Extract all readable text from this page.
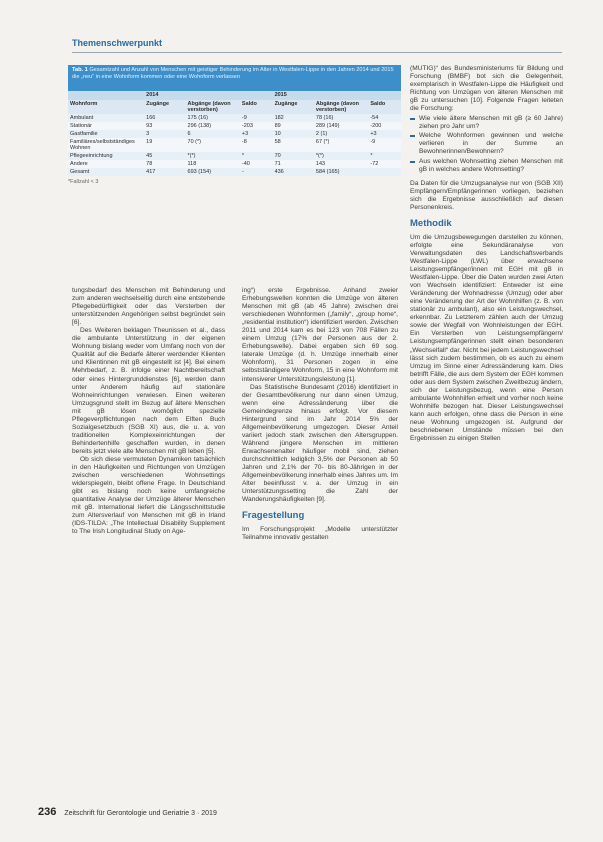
Themenschwerpunkt
Tab. 1 Gesamtzahl und Anzahl von Menschen mit geistiger Behinderung im Alter in Westfalen-Lippe in den Jahren 2014 und 2015 die „neu“ in eine Wohnform kommen oder eine Wohnform verlassen
	2014			2015		
Wohnform	Zugänge	Abgänge (davon verstorben)	Saldo	Zugänge	Abgänge (davon verstorben)	Saldo
Ambulant	166	175 (16)	-9	182	78 (16)	-54
Stationär	93	296 (138)	-203	89	289 (149)	-200
Gastfamilie	3	6	+3	10	2 (1)	+3
Familiäres/selbstständiges Wohnen	19	70 (*)	-8	58	67 (*)	-9
Pflegeeinrichtung	45	*(*)	*	70	*(*)	*
Andere	78	118	-40	71	143	-72
Gesamt	417	693 (154)	-	436	584 (165)	
*Fallzahl < 3

tungsbedarf des Menschen mit Behinderung und zum anderen wechselseitig durch eine entstehende Pflegebedürftigkeit oder das Versterben der unterstützenden Angehörigen selbst begründet sein [6].

Des Weiteren beklagen Theunissen et al., dass die ambulante Unterstützung in der eigenen Wohnung bislang weder vom Umfang noch von der Qualität auf die Bedarfe älterer werdender Klienten und Klientinnen mit gB eingestellt ist [4]. Bei einem Mehrbedarf, z. B. infolge einer Nachtbereitschaft oder eines Hintergrunddienstes [6], werden dann unter Anderem häufig auf stationäre Wohneinrichtungen verwiesen. Einen weiteren Umzugsgrund stellt im Bezug auf ältere Menschen mit gB lösen womöglich spezielle Pflegeverpflichtungen nach dem Elften Buch Sozialgesetzbuch (SGB XI) aus, die u. a. von traditionellen Komplexeinrichtungen der Behindertenhilfe geschaffen wurden, in denen bereits jetzt viele alte Menschen mit gB leben [5].

Ob sich diese vermuteten Dynamiken tatsächlich in den Häufigkeiten und Richtungen von Umzügen zwischen verschiedenen Wohnsettings widerspiegeln, bleibt offene Frage. In Deutschland gibt es bislang noch keine umfangreiche quantitative Analyse der Umzüge älterer Menschen mit gB. International liefert die Längsschnittstudie zum Altersverlauf von Menschen mit gB in Irland (IDS-TILDA: „The Intellectual Disability Supplement to The Irish Longitudinal Study on Age-

ing“) erste Ergebnisse. Anhand zweier Erhebungswellen konnten die Umzüge von älteren Menschen mit gB (ab 45 Jahre) zwischen drei verschiedenen Wohnformen („family“, „group home“, „residential institution“) identifiziert werden. Zwischen 2011 und 2014 kam es bei 123 von 708 Fällen zu einem Umzug (17% der Personen aus der 2. Erhebungswelle). Dabei ergaben sich 69 sog. laterale Umzüge (d. h. Umzüge innerhalb einer Wohnform), 31 Personen zogen in eine selbstständigere Wohnform, 15 in eine Wohnform mit intensiverer Unterstützungsleistung [1].

Das Statistische Bundesamt (2016) identifiziert in der Gesamtbevölkerung nur dann einen Umzug, wenn eine Adressänderung über die Gemeindegrenze hinaus erfolgt. Vor diesem Hintergrund sind im Jahr 2014 5% der Allgemeinbevölkerung umgezogen. Dieser Anteil variiert jedoch stark zwischen den Altersgruppen. Während jüngere Menschen im mittleren Erwachsenenalter häufiger mobil sind, ziehen durchschnittlich lediglich 3,5% der Personen ab 50 Jahren und 2,1% der 70- bis 80-Jährigen in der Allgemeinbevölkerung innerhalb eines Jahres um. Im Alter beeinflusst v. a. der Umzug in ein Unterstützungssetting die Zahl der Wanderungshäufigkeiten [9].

Fragestellung

Im Forschungsprojekt „Modelle unterstützter Teilnahme innovativ gestalten

(MUTIG)“ des Bundesministeriums für Bildung und Forschung (BMBF) bot sich die Gelegenheit, exemplarisch in Westfalen-Lippe die Häufigkeit und Richtung von Umzügen von älteren Menschen mit gB zu untersuchen [10]. Folgende Fragen leiteten die Forschung:

Wie viele ältere Menschen mit gB (≥ 60 Jahre) ziehen pro Jahr um?
Welche Wohnformen gewinnen und welche verlieren in der Summe an Bewohnerinnen/Bewohnern?
Aus welchen Wohnsetting ziehen Menschen mit gB in welches andere Wohnsetting?

Da Daten für die Umzugsanalyse nur von (SGB XII) Empfängern/Empfängerinnen vorliegen, beziehen sich die Ergebnisse ausschließlich auf diesen Personenkreis.

Methodik

Um die Umzugsbewegungen darstellen zu können, erfolgte eine Sekundäranalyse von Verwaltungsdaten des Landschaftsverbands Westfalen-Lippe (LWL) über erwachsene Leistungsempfänger/innen mit EGH mit gB in Westfalen-Lippe. Über die Daten wurden zwei Arten von Wechseln identifiziert: Entweder ist eine Veränderung der Wohnadresse (Umzug) oder aber eine Veränderung der Art der Wohnhilfen (z. B. von stationär zu ambulant), also ein Leistungswechsel, erkennbar. Zu Letzterem zählen auch der Umzug sowie der Wegfall von Wohnleistungen der EGH. Ein Versterben von Leistungsempfängern/ Leistungsempfängerinnen stellt einen besonderen „Wechselfall“ dar. Nicht bei jedem Leistungswechsel lässt sich zudem bestimmen, ob es auch zu einem Umzug im Sinne einer Adressänderung kam. Dies betrifft Fälle, die aus dem System der EGH kommen oder aus dem System zwischen Zweitbezug ändern, sich der Leistungsbezug, wenn eine Person ambulante Wohnhilfen erhielt und vorher noch keine Wohnhilfe bezogen hat. Dieser Leistungswechsel kann auch erfolgen, ohne dass die Person in eine neue Wohnung umgezogen ist. Aufgrund der beschriebenen Umstände müssen bei den Ergebnissen zu einigen Stellen

236 Zeitschrift für Gerontologie und Geriatrie 3 · 2019
